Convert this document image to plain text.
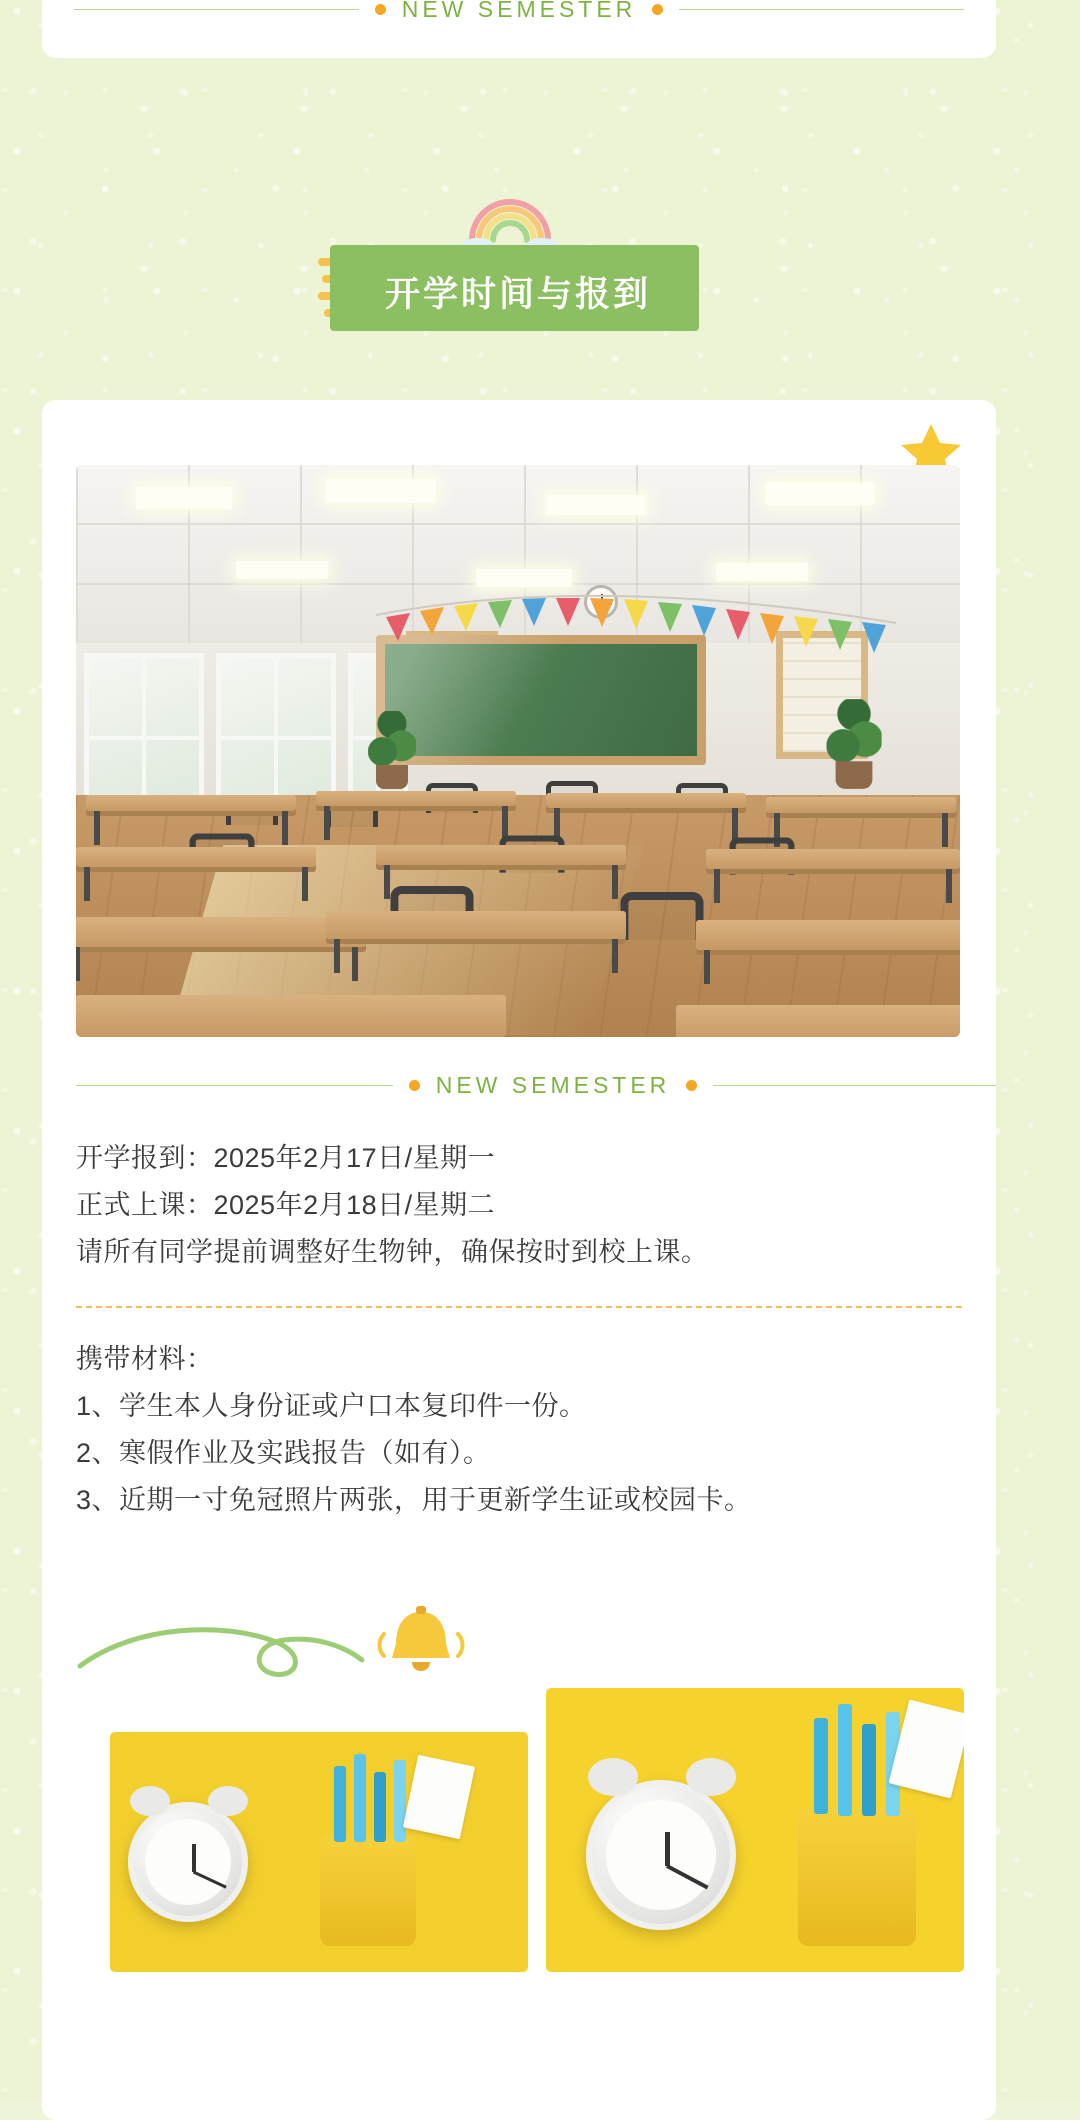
NEW SEMESTER
开学时间与报到
NEW SEMESTER

开学报到：2025年2月17日/星期一

正式上课：2025年2月18日/星期二

请所有同学提前调整好生物钟，确保按时到校上课。

携带材料：

1、学生本人身份证或户口本复印件一份。

2、寒假作业及实践报告（如有）。

3、近期一寸免冠照片两张，用于更新学生证或校园卡。
